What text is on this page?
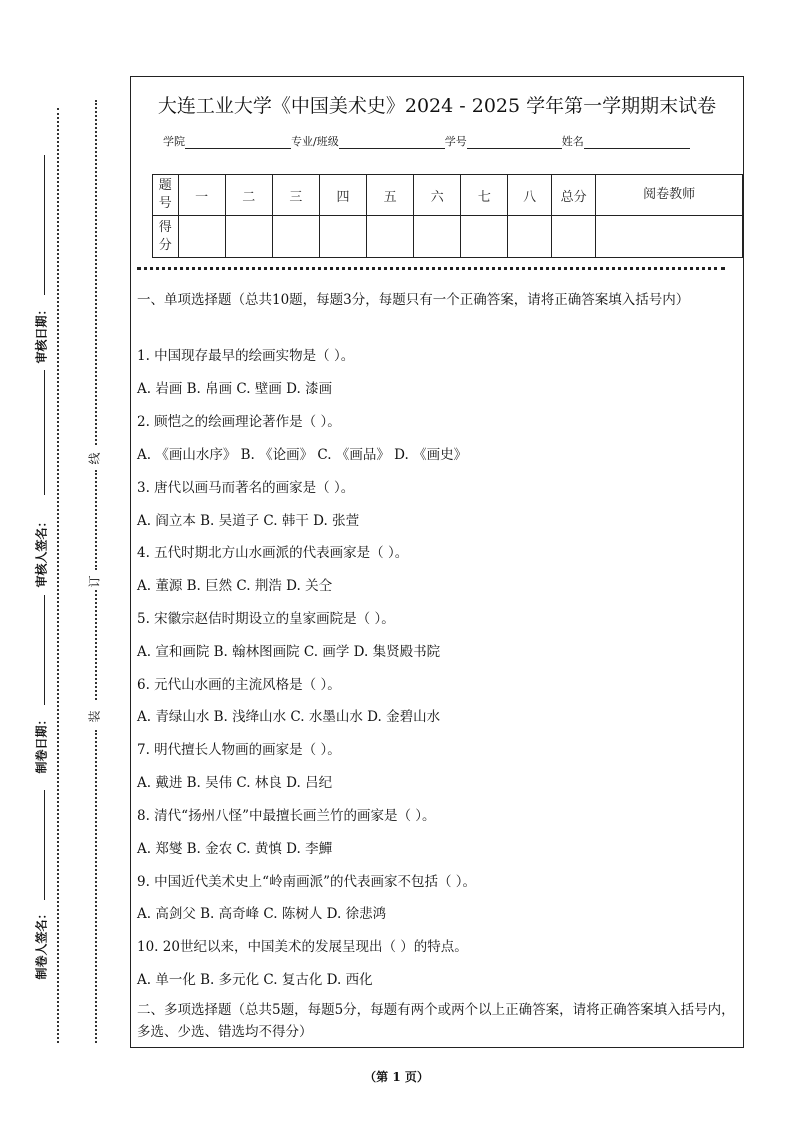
审核日期：
审核人签名：
制卷日期：
制卷人签名：
线
订
装
大连工业大学《中国美术史》2024 - 2025 学年第一学期期末试卷
学院	专业/班级	学号	姓名
题号	一	二	三	四	五	六	七	八	总分	阅卷教师
得分										

一、单项选择题（总共10题，每题3分，每题只有一个正确答案，请将正确答案填入括号内）

1. 中国现存最早的绘画实物是（ ）。
A. 岩画 B. 帛画 C. 壁画 D. 漆画
2. 顾恺之的绘画理论著作是（ ）。
A. 《画山水序》 B. 《论画》 C. 《画品》 D. 《画史》
3. 唐代以画马而著名的画家是（ ）。
A. 阎立本 B. 吴道子 C. 韩干 D. 张萱
4. 五代时期北方山水画派的代表画家是（ ）。
A. 董源 B. 巨然 C. 荆浩 D. 关仝
5. 宋徽宗赵佶时期设立的皇家画院是（ ）。
A. 宣和画院 B. 翰林图画院 C. 画学 D. 集贤殿书院
6. 元代山水画的主流风格是（ ）。
A. 青绿山水 B. 浅绛山水 C. 水墨山水 D. 金碧山水
7. 明代擅长人物画的画家是（ ）。
A. 戴进 B. 吴伟 C. 林良 D. 吕纪
8. 清代“扬州八怪”中最擅长画兰竹的画家是（ ）。
A. 郑燮 B. 金农 C. 黄慎 D. 李鱓
9. 中国近代美术史上“岭南画派”的代表画家不包括（ ）。
A. 高剑父 B. 高奇峰 C. 陈树人 D. 徐悲鸿
10. 20世纪以来，中国美术的发展呈现出（ ）的特点。
A. 单一化 B. 多元化 C. 复古化 D. 西化

二、多项选择题（总共5题，每题5分，每题有两个或两个以上正确答案，请将正确答案填入括号内，多选、少选、错选均不得分）

（第 1 页）
